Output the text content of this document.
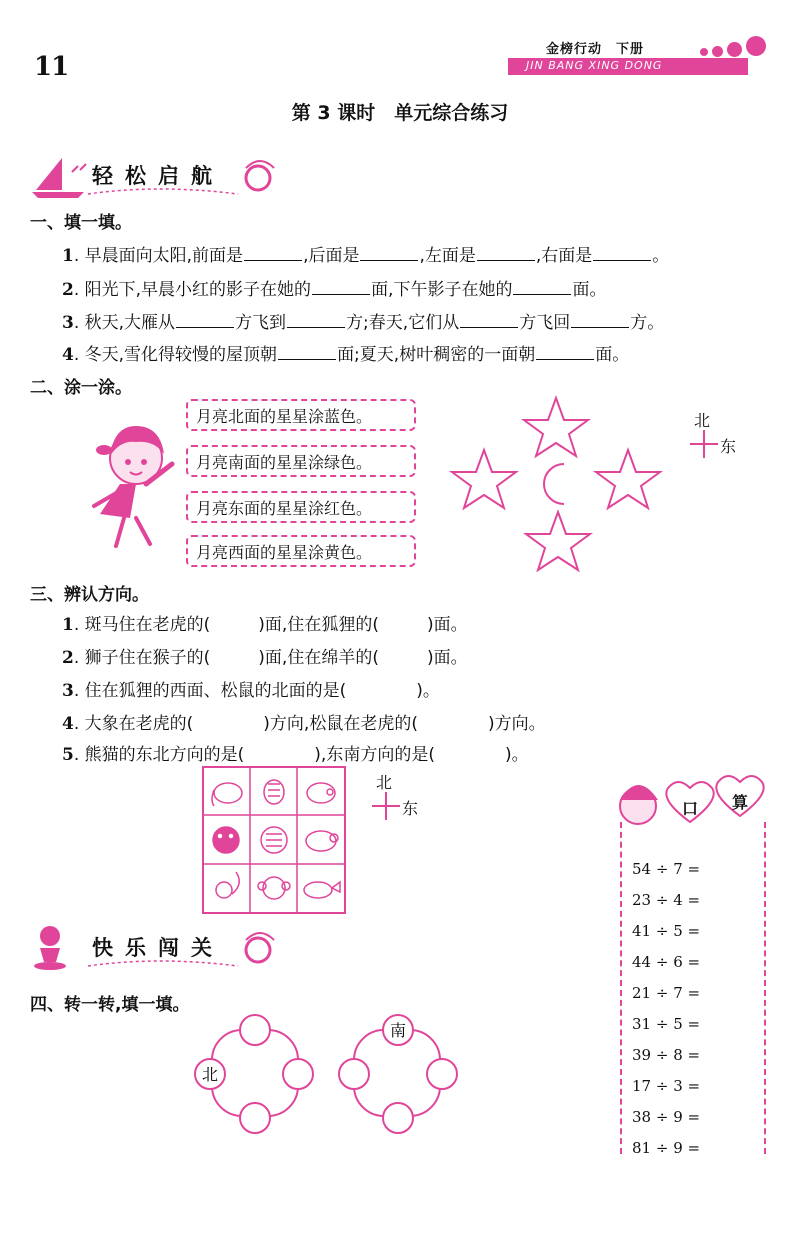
11
金榜行动　下册
JIN BANG XING DONG
第 3 课时　单元综合练习
轻松启航
一、填一填。
1. 早晨面向太阳,前面是	,后面是	,左面是	,右面是	。
2. 阳光下,早晨小红的影子在她的	面,下午影子在她的	面。
3. 秋天,大雁从	方飞到	方;春天,它们从	方飞回	方。
4. 冬天,雪化得较慢的屋顶朝	面;夏天,树叶稠密的一面朝	面。
二、涂一涂。
月亮北面的星星涂蓝色。
月亮南面的星星涂绿色。
月亮东面的星星涂红色。
月亮西面的星星涂黄色。
北
东
三、辨认方向。
1. 斑马住在老虎的(	)面,住在狐狸的(	)面。
2. 狮子住在猴子的(	)面,住在绵羊的(	)面。
3. 住在狐狸的西面、松鼠的北面的是(	)。
4. 大象在老虎的(	)方向,松鼠在老虎的(	)方向。
5. 熊猫的东北方向的是(	),东南方向的是(	)。
北
东
快乐闯关
四、转一转,填一填。
北
南
口 算
54 ÷ 7 =
23 ÷ 4 =
41 ÷ 5 =
44 ÷ 6 =
21 ÷ 7 =
31 ÷ 5 =
39 ÷ 8 =
17 ÷ 3 =
38 ÷ 9 =
81 ÷ 9 =
